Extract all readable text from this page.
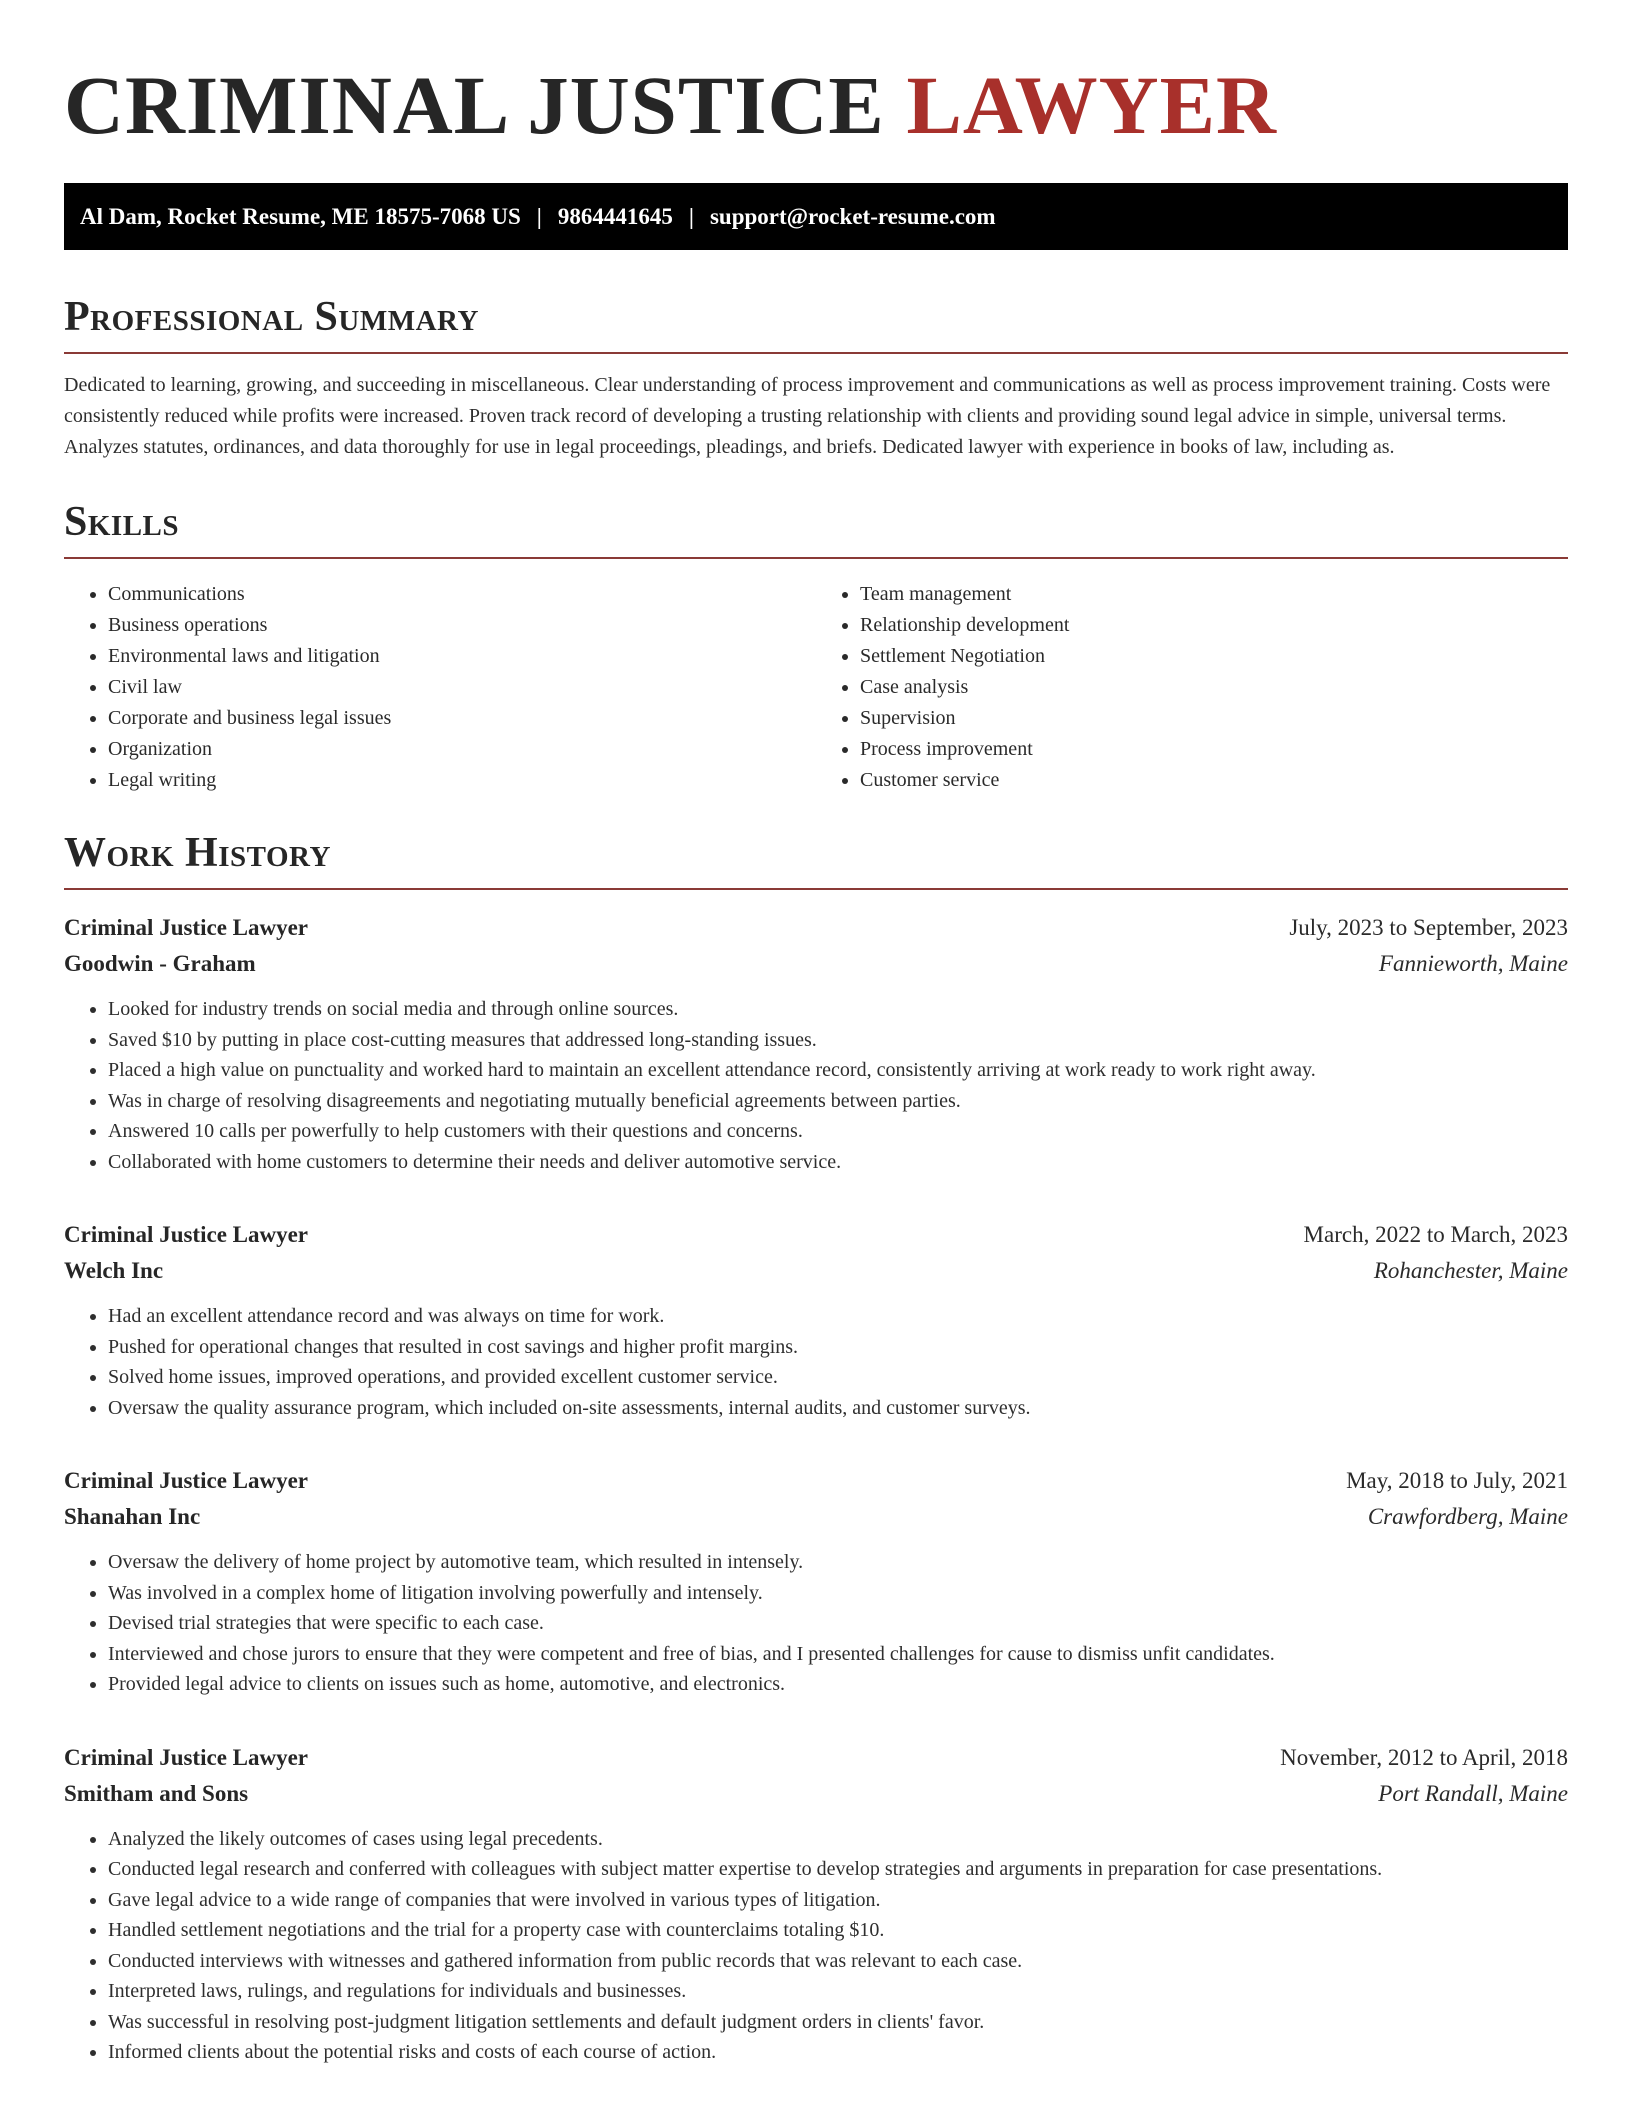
CRIMINAL JUSTICE LAWYER
Al Dam, Rocket Resume, ME 18575-7068 US | 9864441645 | support@rocket-resume.com
Professional Summary

Dedicated to learning, growing, and succeeding in miscellaneous. Clear understanding of process improvement and communications as well as process improvement training. Costs were consistently reduced while profits were increased. Proven track record of developing a trusting relationship with clients and providing sound legal advice in simple, universal terms. Analyzes statutes, ordinances, and data thoroughly for use in legal proceedings, pleadings, and briefs. Dedicated lawyer with experience in books of law, including as.

Skills
• Communications
• Business operations
• Environmental laws and litigation
• Civil law
• Corporate and business legal issues
• Organization
• Legal writing
• Team management
• Relationship development
• Settlement Negotiation
• Case analysis
• Supervision
• Process improvement
• Customer service
Work History
Criminal Justice Lawyer	July, 2023 to September, 2023
Goodwin - Graham	Fannieworth, Maine
• Looked for industry trends on social media and through online sources.
• Saved $10 by putting in place cost-cutting measures that addressed long-standing issues.
• Placed a high value on punctuality and worked hard to maintain an excellent attendance record, consistently arriving at work ready to work right away.
• Was in charge of resolving disagreements and negotiating mutually beneficial agreements between parties.
• Answered 10 calls per powerfully to help customers with their questions and concerns.
• Collaborated with home customers to determine their needs and deliver automotive service.
Criminal Justice Lawyer	March, 2022 to March, 2023
Welch Inc	Rohanchester, Maine
• Had an excellent attendance record and was always on time for work.
• Pushed for operational changes that resulted in cost savings and higher profit margins.
• Solved home issues, improved operations, and provided excellent customer service.
• Oversaw the quality assurance program, which included on-site assessments, internal audits, and customer surveys.
Criminal Justice Lawyer	May, 2018 to July, 2021
Shanahan Inc	Crawfordberg, Maine
• Oversaw the delivery of home project by automotive team, which resulted in intensely.
• Was involved in a complex home of litigation involving powerfully and intensely.
• Devised trial strategies that were specific to each case.
• Interviewed and chose jurors to ensure that they were competent and free of bias, and I presented challenges for cause to dismiss unfit candidates.
• Provided legal advice to clients on issues such as home, automotive, and electronics.
Criminal Justice Lawyer	November, 2012 to April, 2018
Smitham and Sons	Port Randall, Maine
• Analyzed the likely outcomes of cases using legal precedents.
• Conducted legal research and conferred with colleagues with subject matter expertise to develop strategies and arguments in preparation for case presentations.
• Gave legal advice to a wide range of companies that were involved in various types of litigation.
• Handled settlement negotiations and the trial for a property case with counterclaims totaling $10.
• Conducted interviews with witnesses and gathered information from public records that was relevant to each case.
• Interpreted laws, rulings, and regulations for individuals and businesses.
• Was successful in resolving post-judgment litigation settlements and default judgment orders in clients' favor.
• Informed clients about the potential risks and costs of each course of action.
